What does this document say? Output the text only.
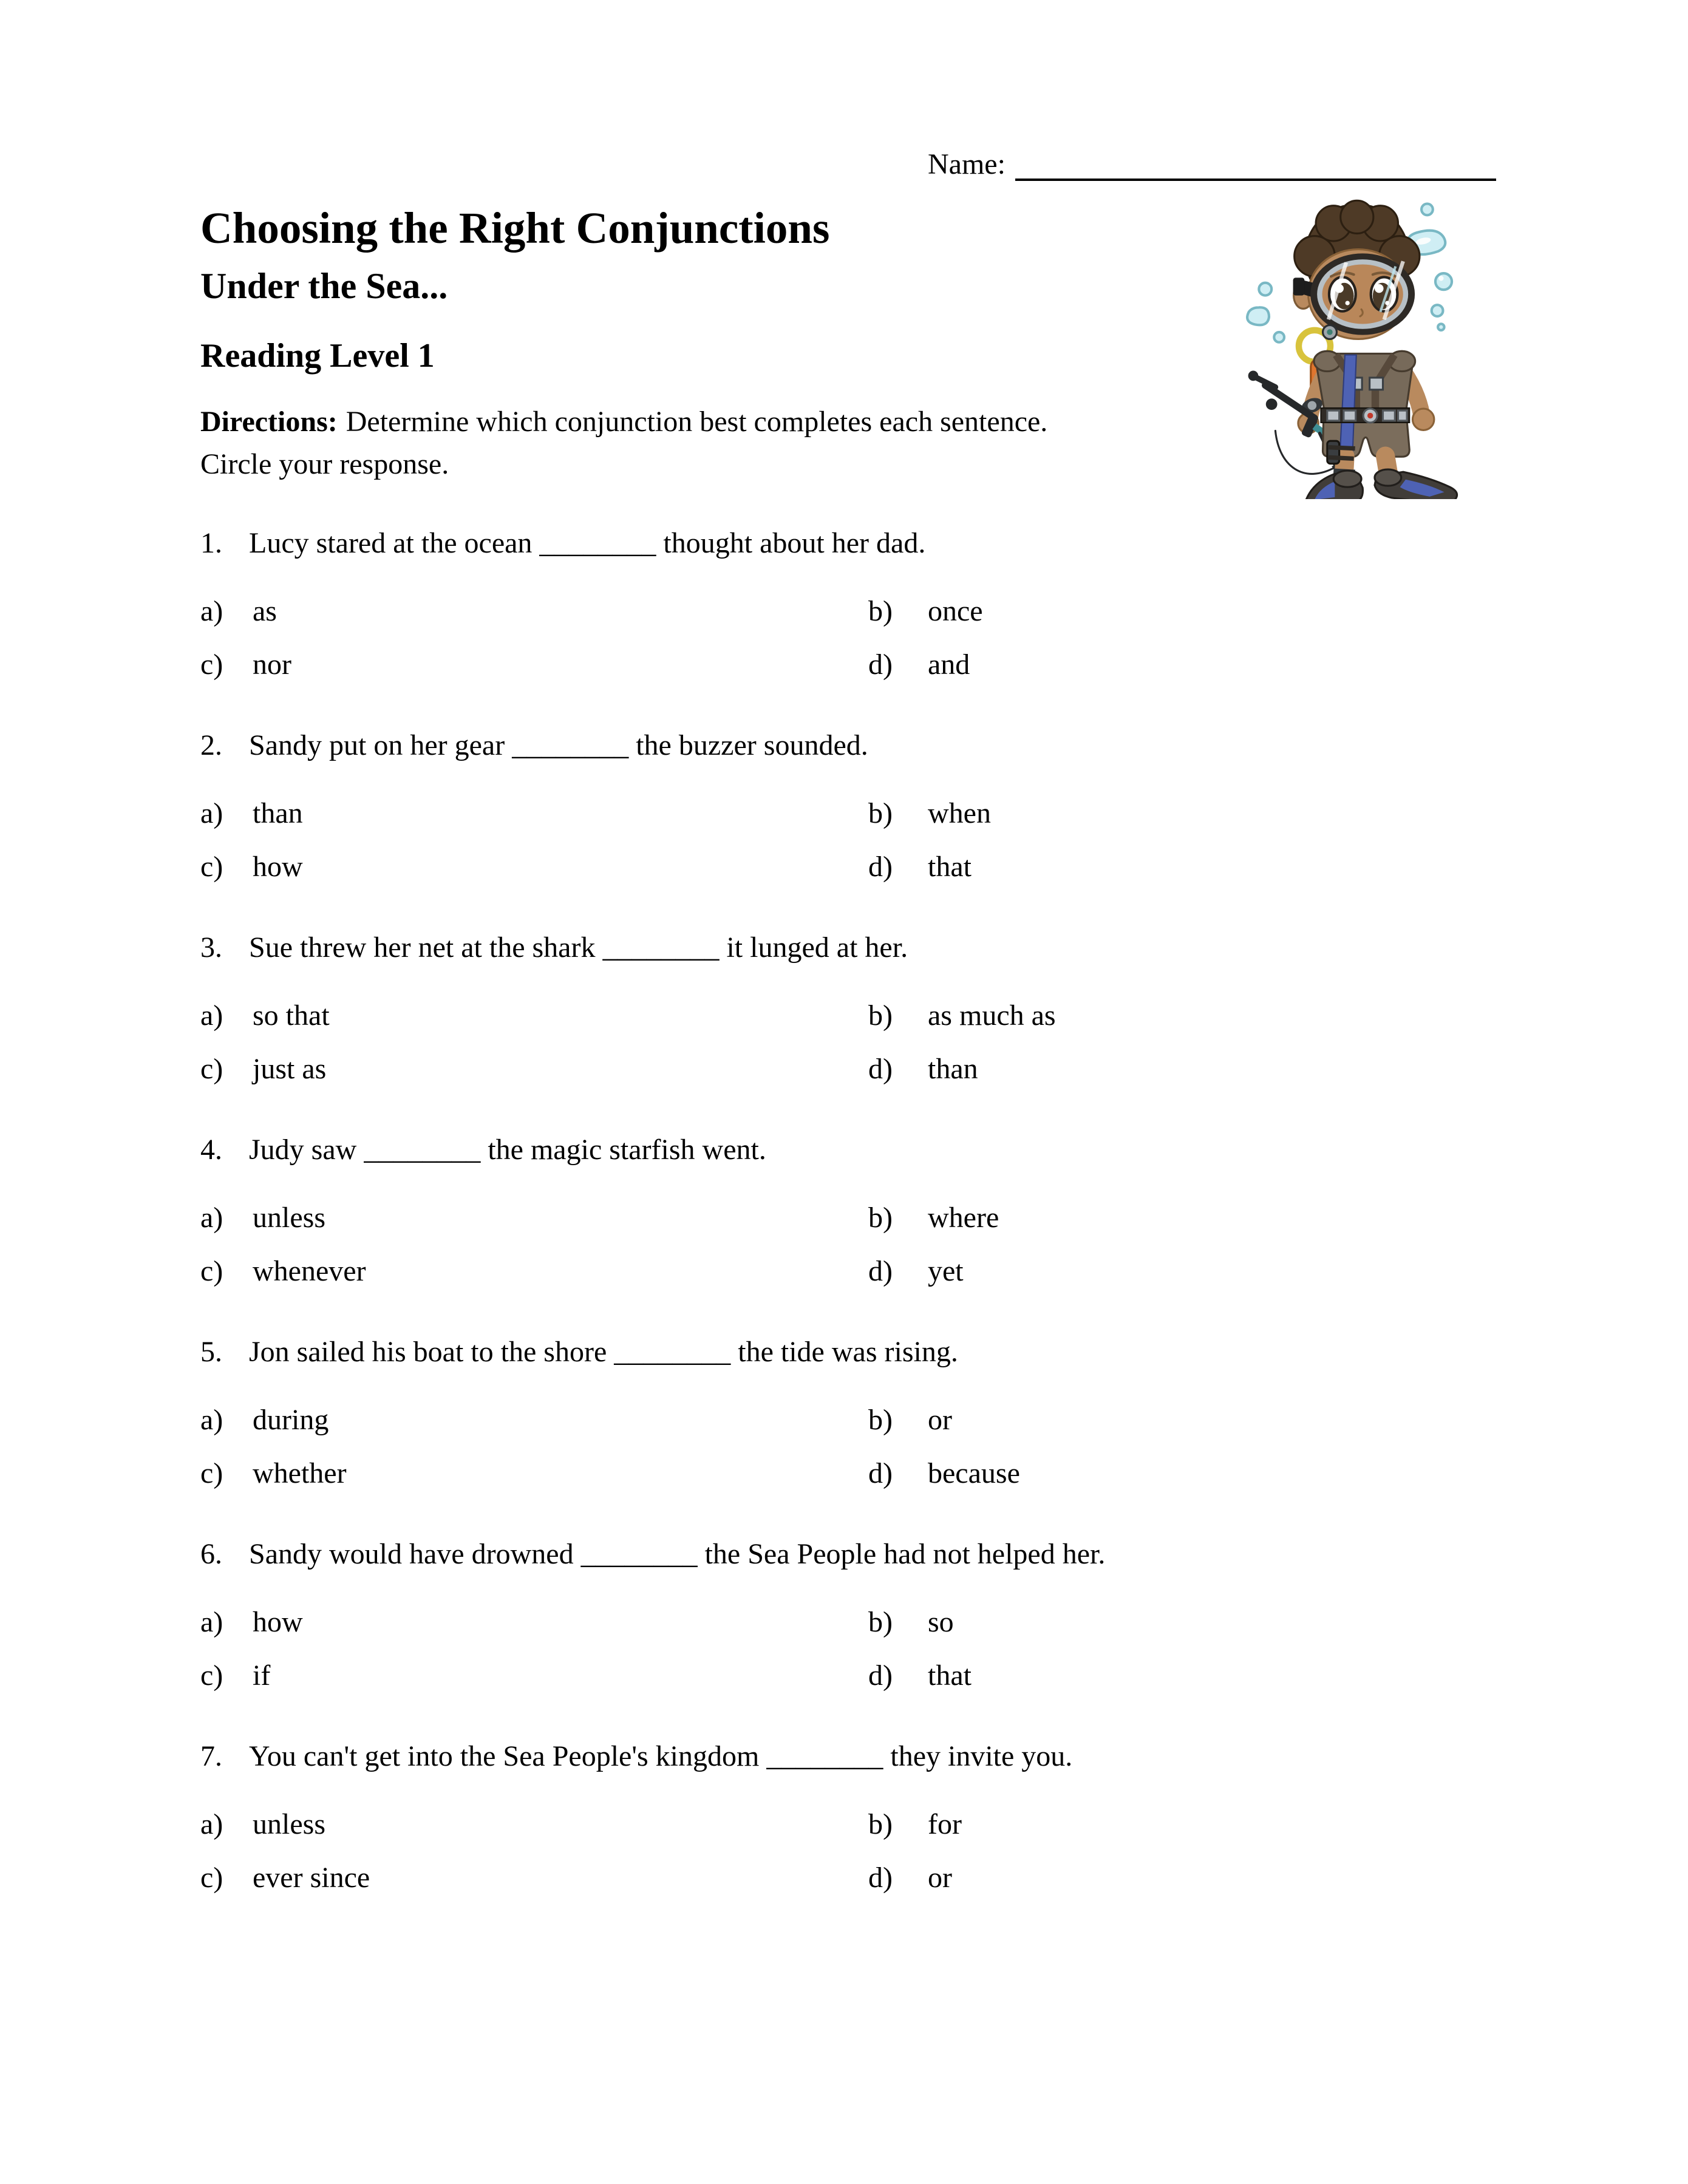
Name:
Choosing the Right Conjunctions
Under the Sea...
Reading Level 1

Directions: Determine which conjunction best completes each sentence.
Circle your response.

1. Lucy stared at the ocean ________ thought about her dad.
a)	as	b)	once
c)	nor	d)	and
2. Sandy put on her gear ________ the buzzer sounded.
a)	than	b)	when
c)	how	d)	that
3. Sue threw her net at the shark ________ it lunged at her.
a)	so that	b)	as much as
c)	just as	d)	than
4. Judy saw ________ the magic starfish went.
a)	unless	b)	where
c)	whenever	d)	yet
5. Jon sailed his boat to the shore ________ the tide was rising.
a)	during	b)	or
c)	whether	d)	because
6. Sandy would have drowned ________ the Sea People had not helped her.
a)	how	b)	so
c)	if	d)	that
7. You can't get into the Sea People's kingdom ________ they invite you.
a)	unless	b)	for
c)	ever since	d)	or
